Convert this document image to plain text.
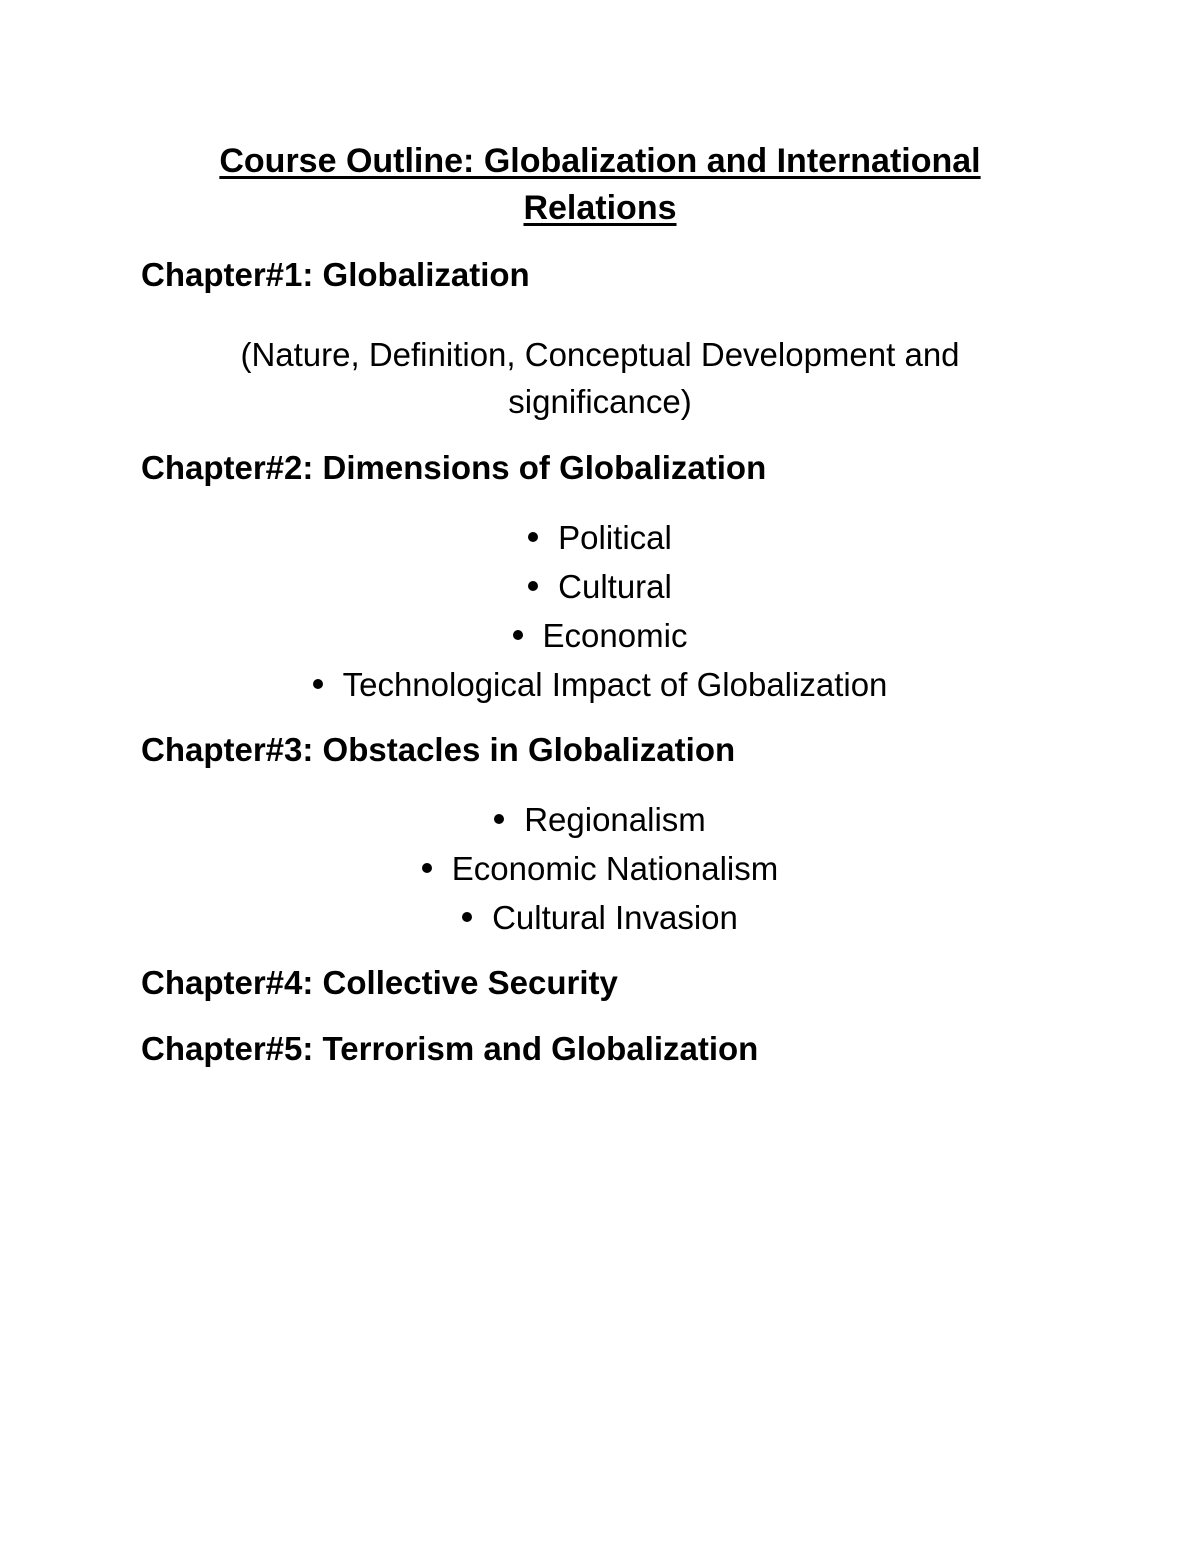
Course Outline: Globalization and International
Relations
Chapter#1: Globalization
(Nature, Definition, Conceptual Development and
significance)
Chapter#2: Dimensions of Globalization
Political
Cultural
Economic
Technological Impact of Globalization
Chapter#3: Obstacles in Globalization
Regionalism
Economic Nationalism
Cultural Invasion
Chapter#4: Collective Security
Chapter#5: Terrorism and Globalization
